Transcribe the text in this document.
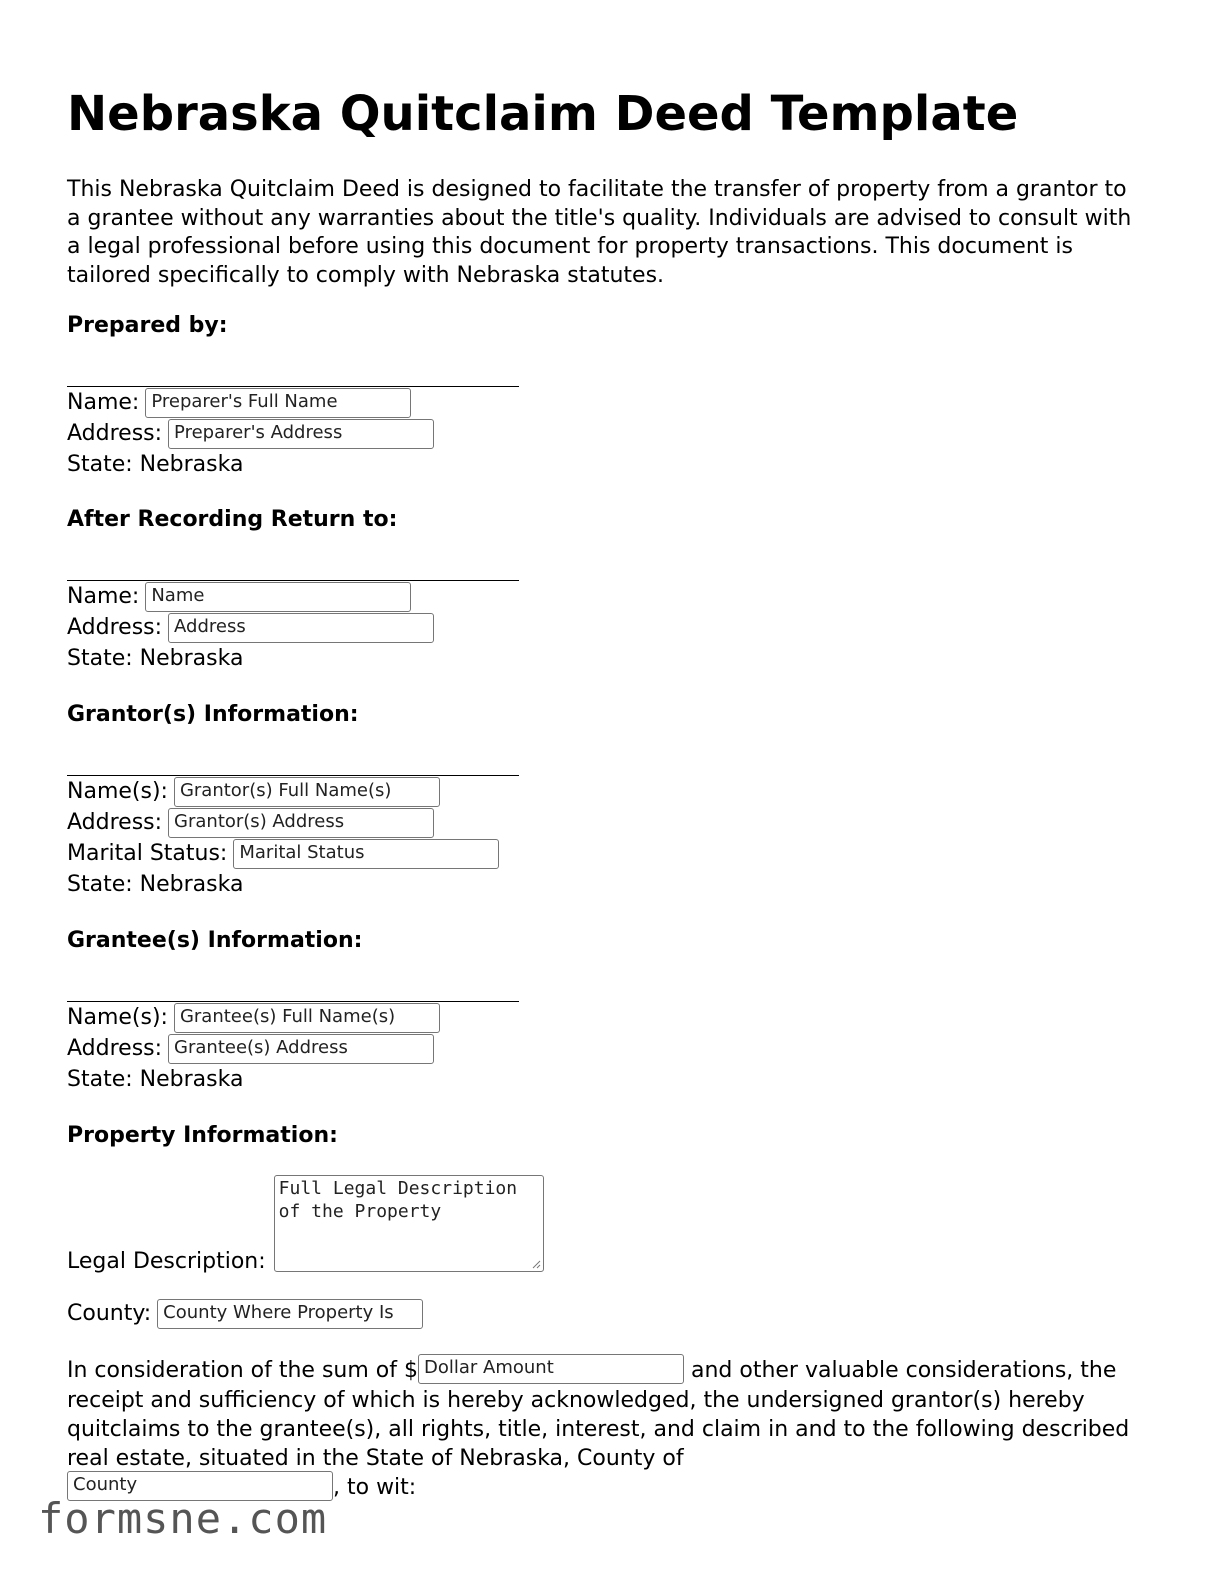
Nebraska Quitclaim Deed Template

This Nebraska Quitclaim Deed is designed to facilitate the transfer of property from a grantor to a grantee without any warranties about the title's quality. Individuals are advised to consult with a legal professional before using this document for property transactions. This document is tailored specifically to comply with Nebraska statutes.

Prepared by:
Name: Preparer's Full Name
Address: Preparer's Address
State: Nebraska
After Recording Return to:
Name: Name
Address: Address
State: Nebraska
Grantor(s) Information:
Name(s): Grantor(s) Full Name(s)
Address: Grantor(s) Address
Marital Status: Marital Status
State: Nebraska
Grantee(s) Information:
Name(s): Grantee(s) Full Name(s)
Address: Grantee(s) Address
State: Nebraska
Property Information:
Legal Description:
Full Legal Description of the Property
County: County Where Property Is
In consideration of the sum of $ Dollar Amount	and other valuable considerations, the receipt and sufficiency of which is hereby acknowledged, the undersigned grantor(s) hereby quitclaims to the grantee(s), all rights, title, interest, and claim in and to the following described real estate, situated in the State of Nebraska, County of
County	, to wit:
formsne.com
